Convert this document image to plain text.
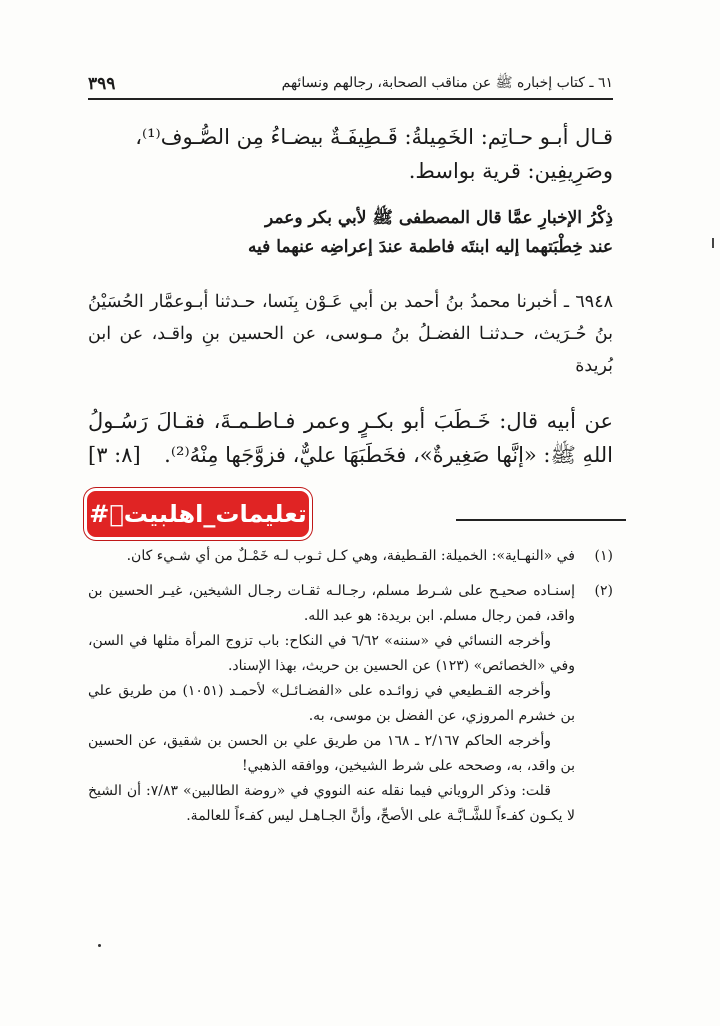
٦١ ـ كتاب إخباره ﷺ عن مناقب الصحابة، رجالهم ونسائهم
٣٩٩
قـال أبـو حـاتِم: الخَمِيلةُ: قَـطِيفَـةٌ بيضـاءُ مِن الصُّـوف⁽¹⁾،
وصَرِيفِين: قرية بواسط.
ذِكْرُ الإخبارِ عمَّا قال المصطفى ﷺ لأبي بكر وعمر
عند خِطْبَتهما إليه ابنتَه فاطمة عندَ إعراضِه عنهما فيه
٦٩٤٨ ـ أخبرنا محمدُ بنُ أحمد بن أبي عَـوْن بِنَسا، حـدثنا أبـوعمَّار الحُسَيْنُ بنُ حُـرَيث، حـدثنـا الفضـلُ بنُ مـوسى، عن الحسين بنِ واقـد، عن ابن بُريدة
عن أبيه قال: خَـطَبَ أبو بكـرٍ وعمر فـاطـمـةَ، فقـالَ رَسُـولُ اللهِ ﷺ: «إنَّها صَغِيرةٌ»، فخَطَبَهَا عليٌّ، فزوَّجَها مِنْهُ⁽²⁾.
[٨: ٣]
#تعليمات_اهلبيتؑ
(١)
في «النهـاية»: الخميلة: القـطيفة، وهي كـل ثـوب لـه خَمْـلٌ من أي شـيء كان.
(٢)
إسنـاده صحيـح على شـرط مسلم، رجـالـه ثقـات رجـال الشيخين، غيـر الحسين بن واقد، فمن رجال مسلم. ابن بريدة: هو عبد الله.
وأخرجه النسائي في «سننه» ٦/٦٢ في النكاح: باب تزوج المرأة مثلها في السن، وفي «الخصائص» (١٢٣) عن الحسين بن حريث، بهذا الإسناد.
وأخرجه القـطيعي في زوائـده على «الفضـائـل» لأحمـد (١٠٥١) من طريق علي بن خشرم المروزي، عن الفضل بن موسى، به.
وأخرجه الحاكم ٢/١٦٧ ـ ١٦٨ من طريق علي بن الحسن بن شقيق، عن الحسين بن واقد، به، وصححه على شرط الشيخين، ووافقه الذهبي!
قلت: وذكر الروياني فيما نقله عنه النووي في «روضة الطالبين» ٧/٨٣: أن الشيخ لا يكـون كفـءاً للشَّـابَّـة على الأصحِّ، وأنَّ الجـاهـل ليس كفـءاً للعالمة.
